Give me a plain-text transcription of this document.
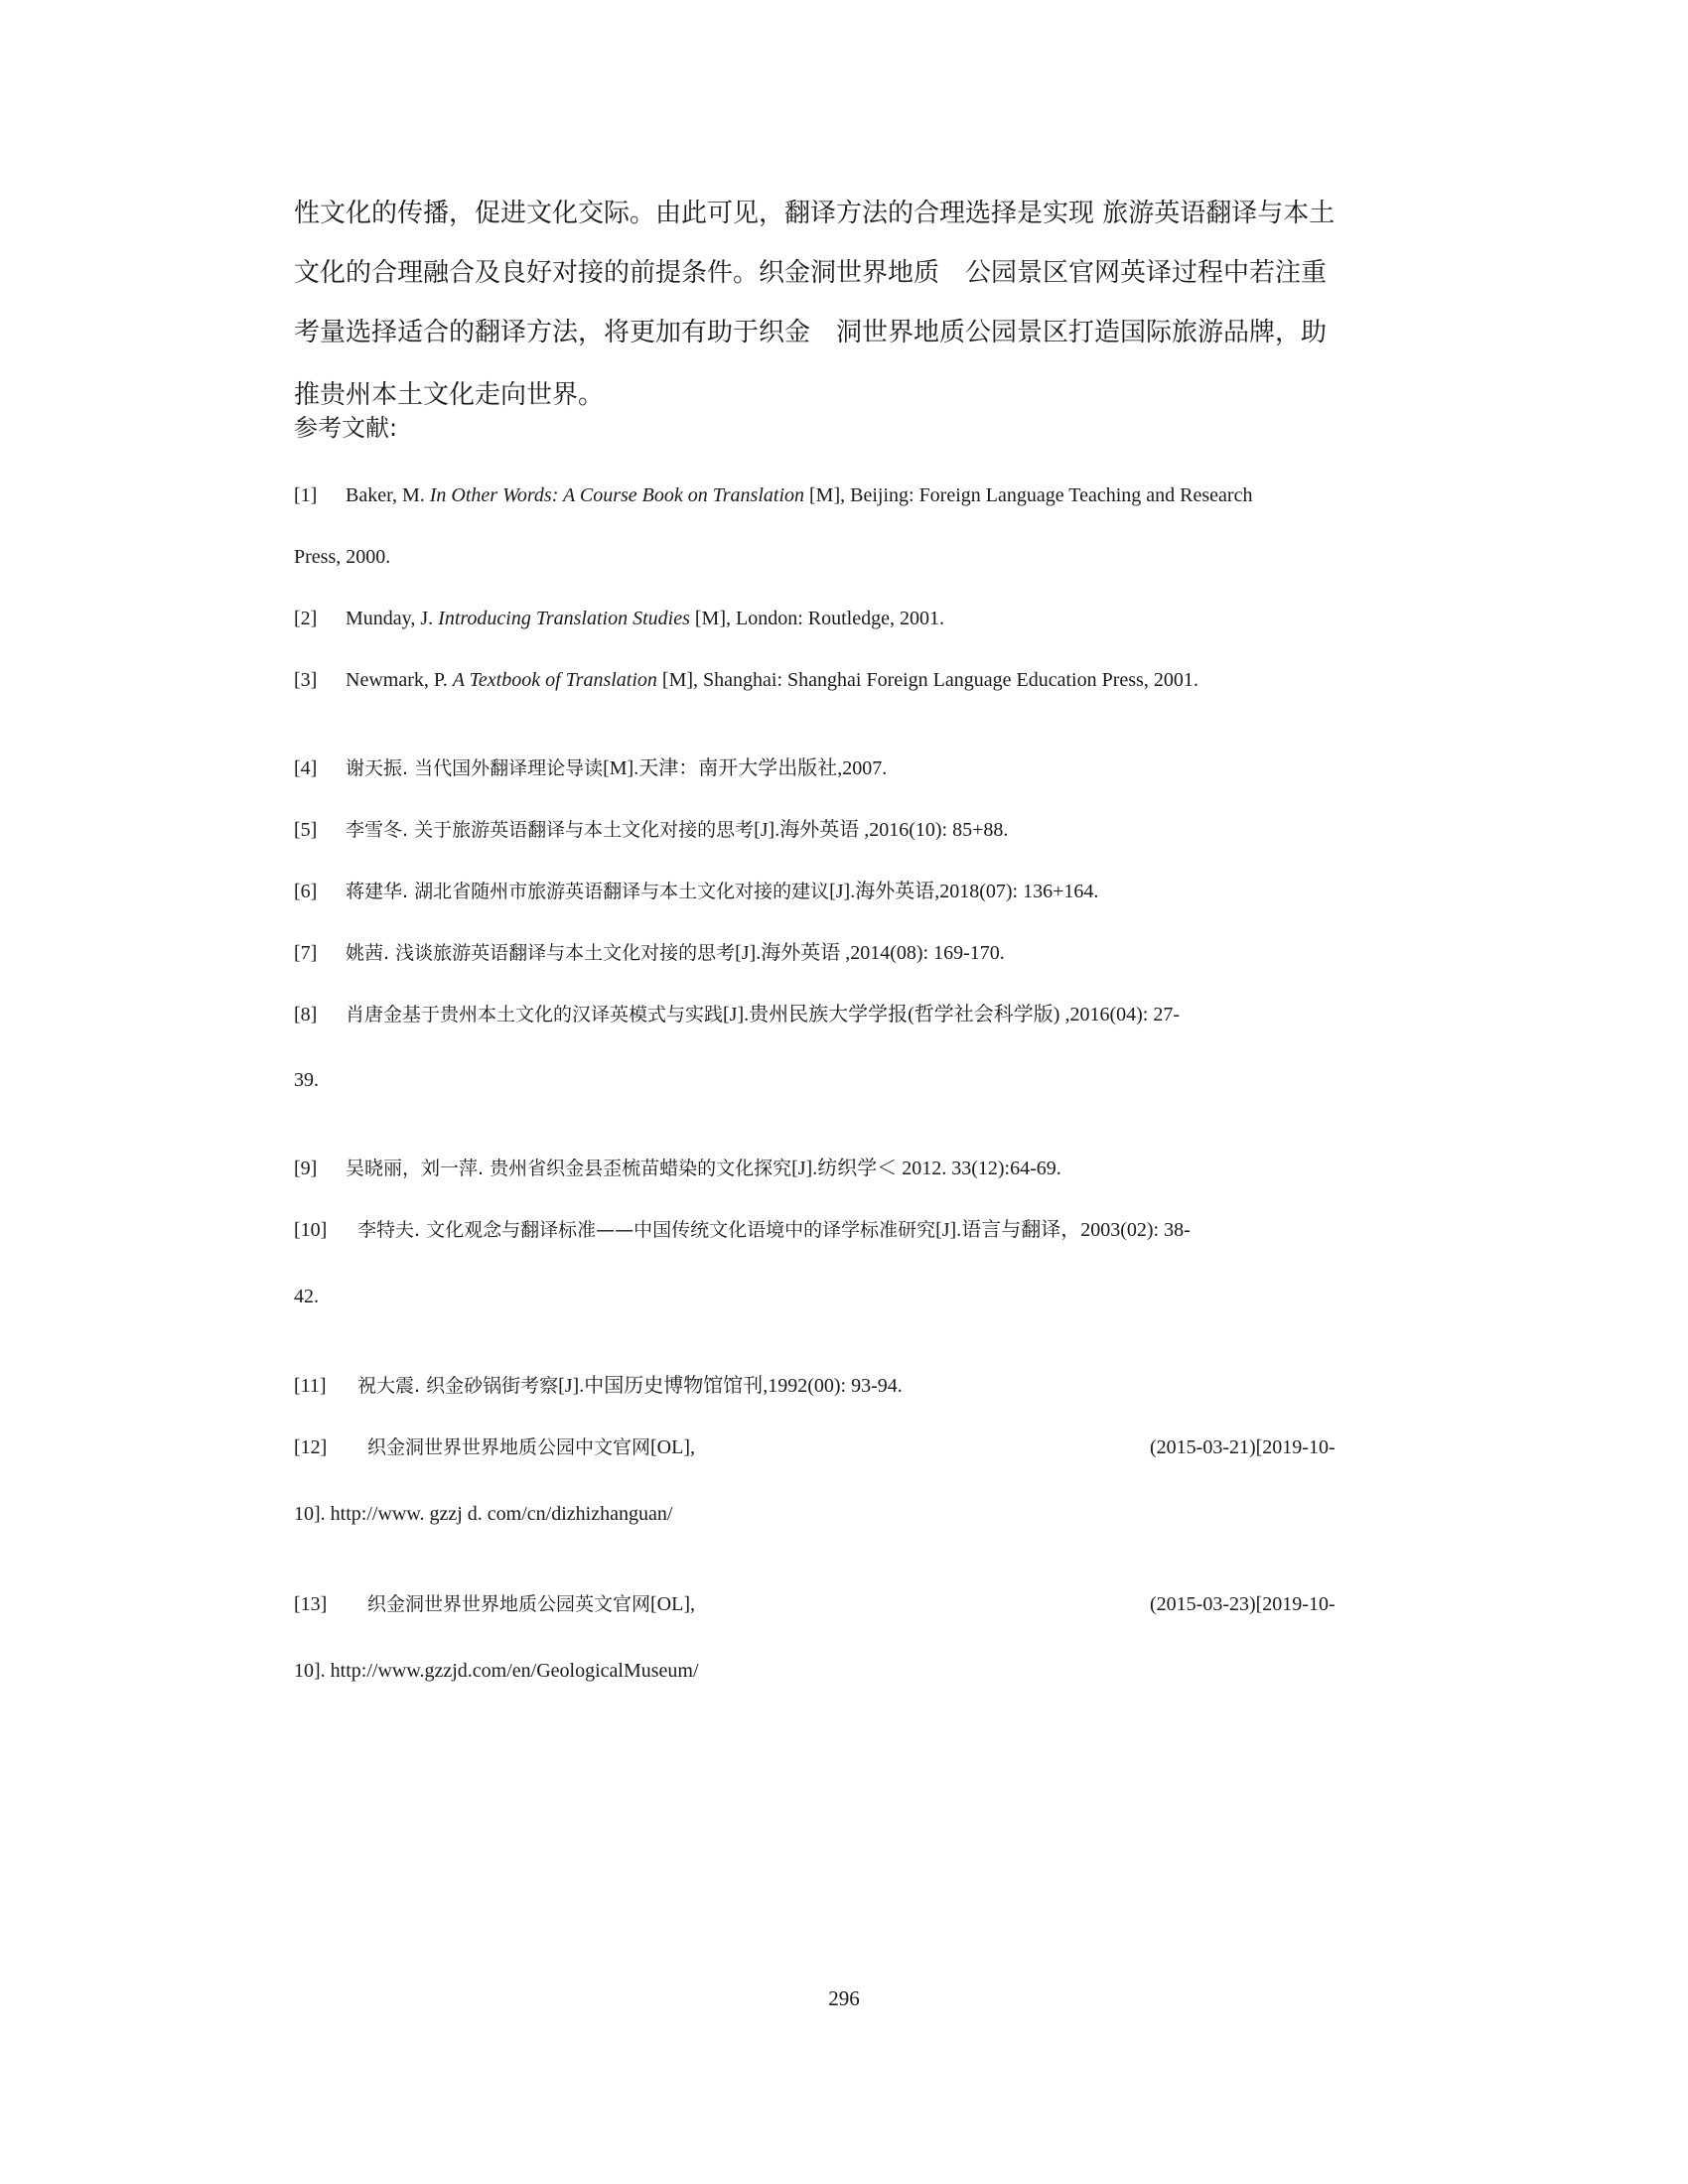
性文化的传播，促进文化交际。由此可见，翻译方法的合理选择是实现 旅游英语翻译与本土
文化的合理融合及良好对接的前提条件。织金洞世界地质　公园景区官网英译过程中若注重
考量选择适合的翻译方法，将更加有助于织金　洞世界地质公园景区打造国际旅游品牌，助
推贵州本土文化走向世界。
参考文献:
[1] Baker, M. In Other Words: A Course Book on Translation [M], Beijing: Foreign Language Teaching and Research
Press, 2000.
[2] Munday, J. Introducing Translation Studies [M], London: Routledge, 2001.
[3] Newmark, P. A Textbook of Translation [M], Shanghai: Shanghai Foreign Language Education Press, 2001.
[4] 谢天振. 当代国外翻译理论导读[M].天津：南开大学出版社,2007.
[5] 李雪冬. 关于旅游英语翻译与本土文化对接的思考[J].海外英语 ,2016(10): 85+88.
[6] 蒋建华. 湖北省随州市旅游英语翻译与本土文化对接的建议[J].海外英语,2018(07): 136+164.
[7] 姚茜. 浅谈旅游英语翻译与本土文化对接的思考[J].海外英语 ,2014(08): 169-170.
[8] 肖唐金基于贵州本土文化的汉译英模式与实践[J].贵州民族大学学报(哲学社会科学版) ,2016(04): 27-
39.
[9] 吴晓丽，刘一萍. 贵州省织金县歪梳苗蜡染的文化探究[J].纺织学＜ 2012. 33(12):64-69.
[10] 李特夫. 文化观念与翻译标准——中国传统文化语境中的译学标准研究[J].语言与翻译，2003(02): 38-
42.
[11] 祝大震. 织金砂锅街考察[J].中国历史博物馆馆刊,1992(00): 93-94.
[12] 织金洞世界世界地质公园中文官网[OL],	(2015-03-21)[2019-10-
10]. http://www. gzzj d. com/cn/dizhizhanguan/
[13] 织金洞世界世界地质公园英文官网[OL],	(2015-03-23)[2019-10-
10]. http://www.gzzjd.com/en/GeologicalMuseum/
296
